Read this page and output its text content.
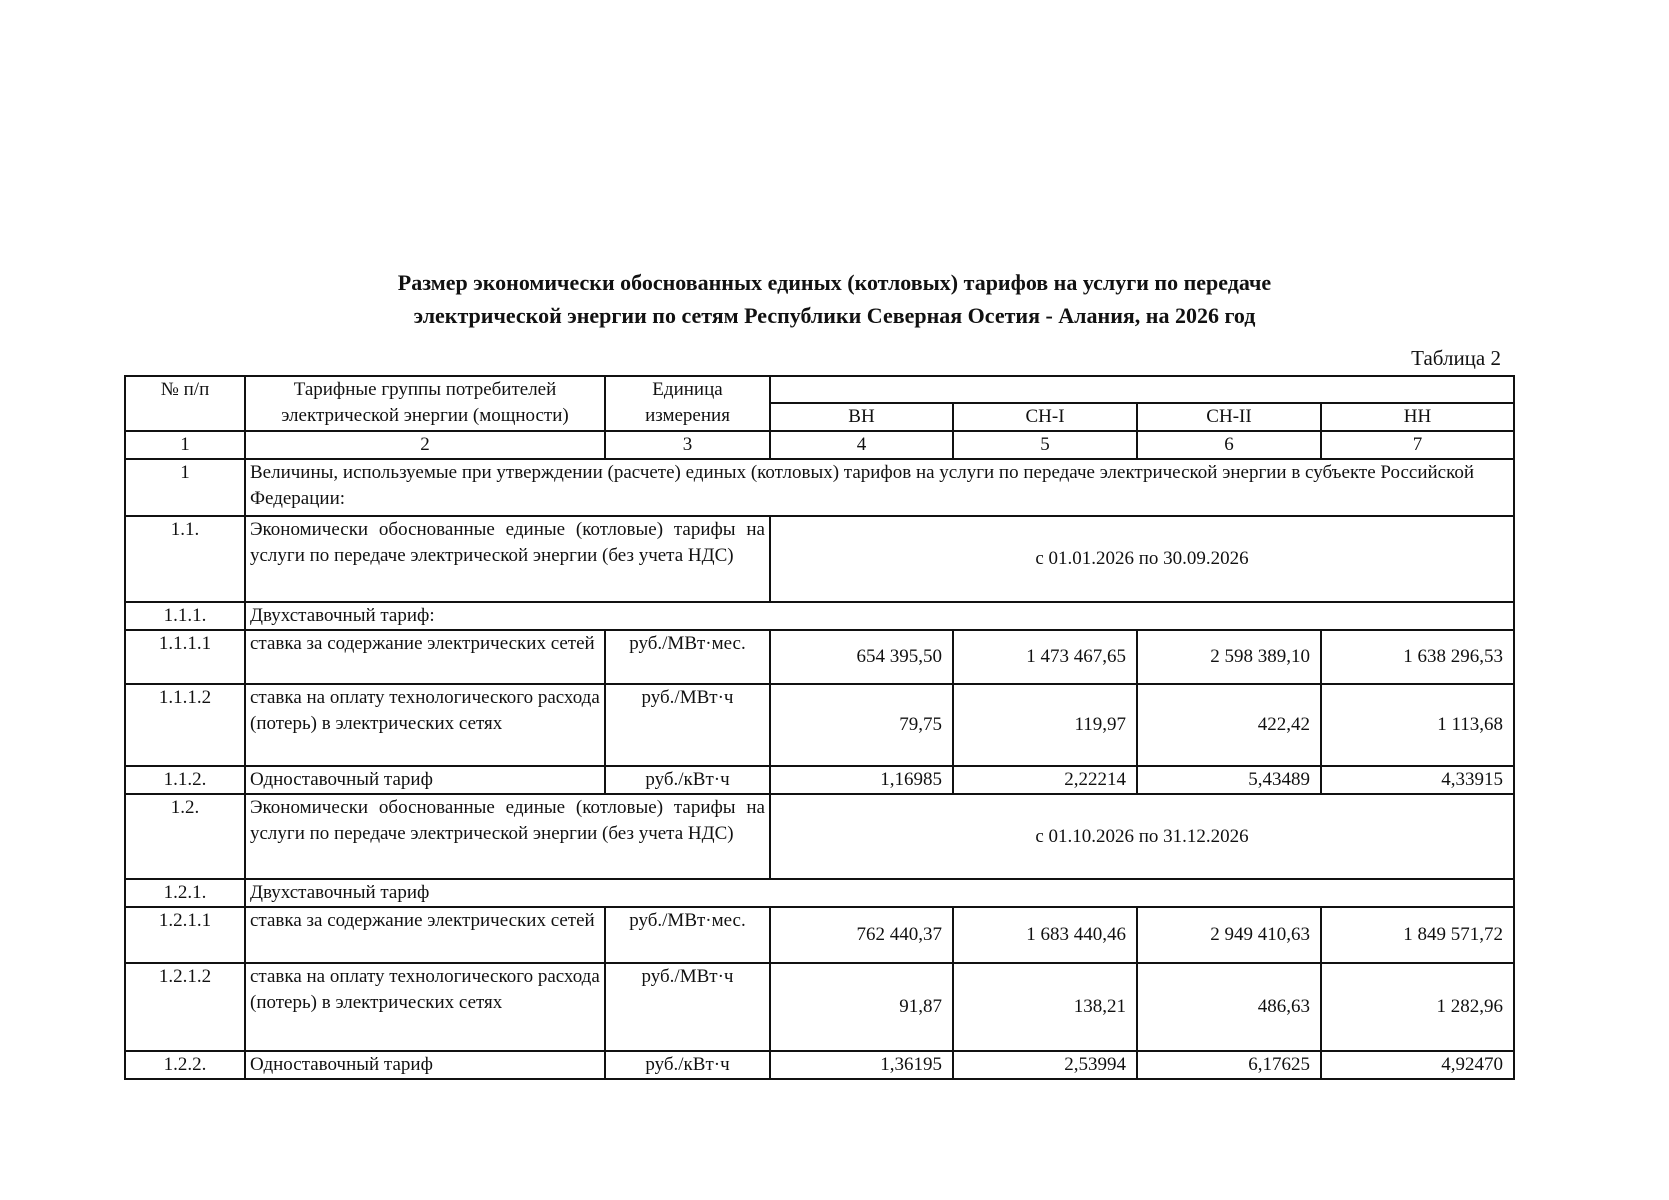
Размер экономически обоснованных единых (котловых) тарифов на услуги по передаче
электрической энергии по сетям Республики Северная Осетия - Алания, на 2026 год
Таблица 2
№ п/п	Тарифные группы потребителей электрической энергии (мощности)	Единица измерения				
			ВН	СН-I	СН-II	НН
1	2	3	4	5	6	7
1	Величины, используемые при утверждении (расчете) единых (котловых) тарифов на услуги по передаче электрической энергии в субъекте Российской Федерации:					
1.1.	Экономически обоснованные единые (котловые) тарифы на услуги по передаче электрической энергии (без учета НДС)		с 01.01.2026 по 30.09.2026			
1.1.1.	Двухставочный тариф:					
1.1.1.1	ставка за содержание электрических сетей	руб./МВт·мес.	654 395,50	1 473 467,65	2 598 389,10	1 638 296,53
1.1.1.2	ставка на оплату технологического расхода (потерь) в электрических сетях	руб./МВт·ч	79,75	119,97	422,42	1 113,68
1.1.2.	Одноставочный тариф	руб./кВт·ч	1,16985	2,22214	5,43489	4,33915
1.2.	Экономически обоснованные единые (котловые) тарифы на услуги по передаче электрической энергии (без учета НДС)		с 01.10.2026 по 31.12.2026			
1.2.1.	Двухставочный тариф					
1.2.1.1	ставка за содержание электрических сетей	руб./МВт·мес.	762 440,37	1 683 440,46	2 949 410,63	1 849 571,72
1.2.1.2	ставка на оплату технологического расхода (потерь) в электрических сетях	руб./МВт·ч	91,87	138,21	486,63	1 282,96
1.2.2.	Одноставочный тариф	руб./кВт·ч	1,36195	2,53994	6,17625	4,92470
